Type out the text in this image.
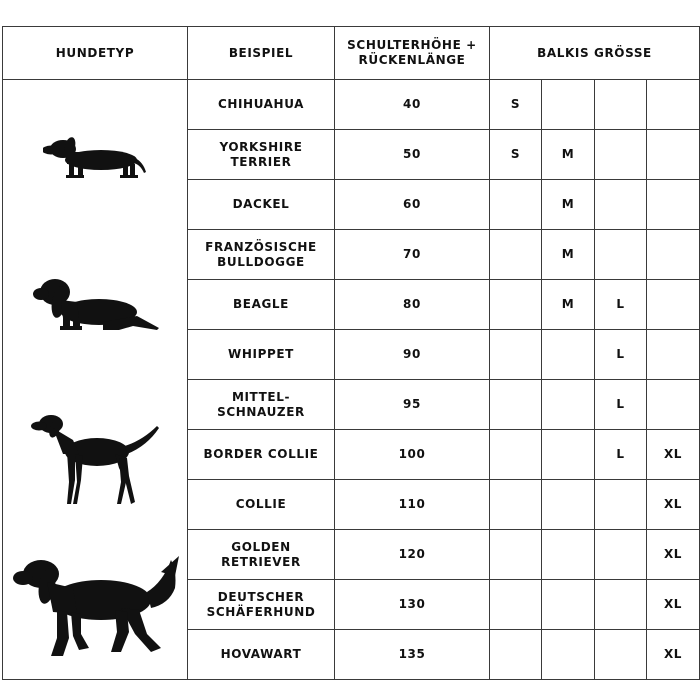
HUNDETYP	BEISPIEL	SCHULTERHÖHE +
RÜCKENLÄNGE	BALKIS GRÖSSE			

	CHIHUAHUA	40	S			

	YORKSHIRE
TERRIER	50	S	M		
	DACKEL	60		M		

	FRANZÖSISCHE
BULLDOGGE	70		M		
	BEAGLE	80		M	L	
	WHIPPET	90			L	

	MITTEL-
SCHNAUZER	95			L	
	BORDER COLLIE	100			L	XL
	COLLIE	110				XL

	GOLDEN
RETRIEVER	120				XL

	DEUTSCHER
SCHÄFERHUND	130				XL
	HOVAWART	135				XL
